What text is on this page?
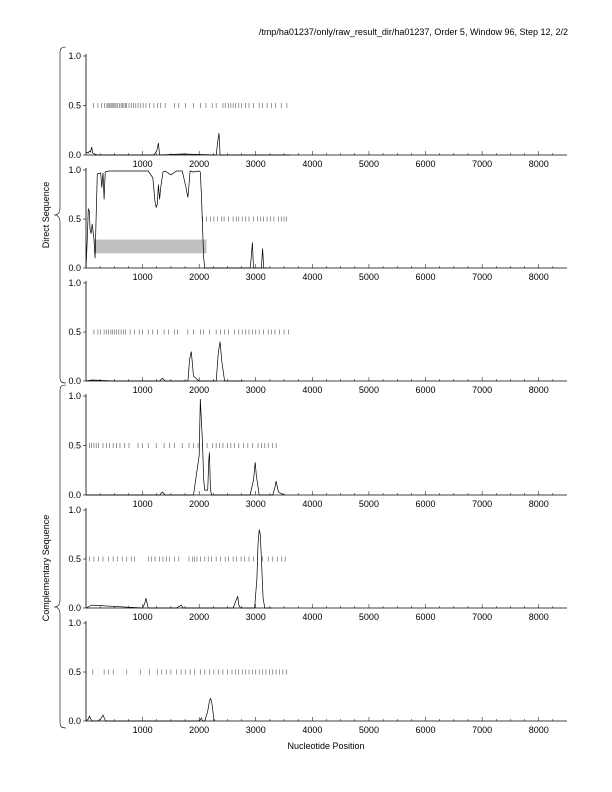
/tmp/ha01237/only/raw_result_dir/ha01237, Order 5, Window 96, Step 12, 2/2
0.0
0.5
1.0
1000	2000	3000	4000	5000	6000	7000	8000
0.0
0.5
1.0
1000	2000	3000	4000	5000	6000	7000	8000
0.0
0.5
1.0
1000	2000	3000	4000	5000	6000	7000	8000
0.0
0.5
1.0
1000	2000	3000	4000	5000	6000	7000	8000
0.0
0.5
1.0
1000	2000	3000	4000	5000	6000	7000	8000
0.0
0.5
1.0
1000	2000	3000	4000	5000	6000	7000	8000
Direct Sequence
Complementary Sequence
Nucleotide Position
